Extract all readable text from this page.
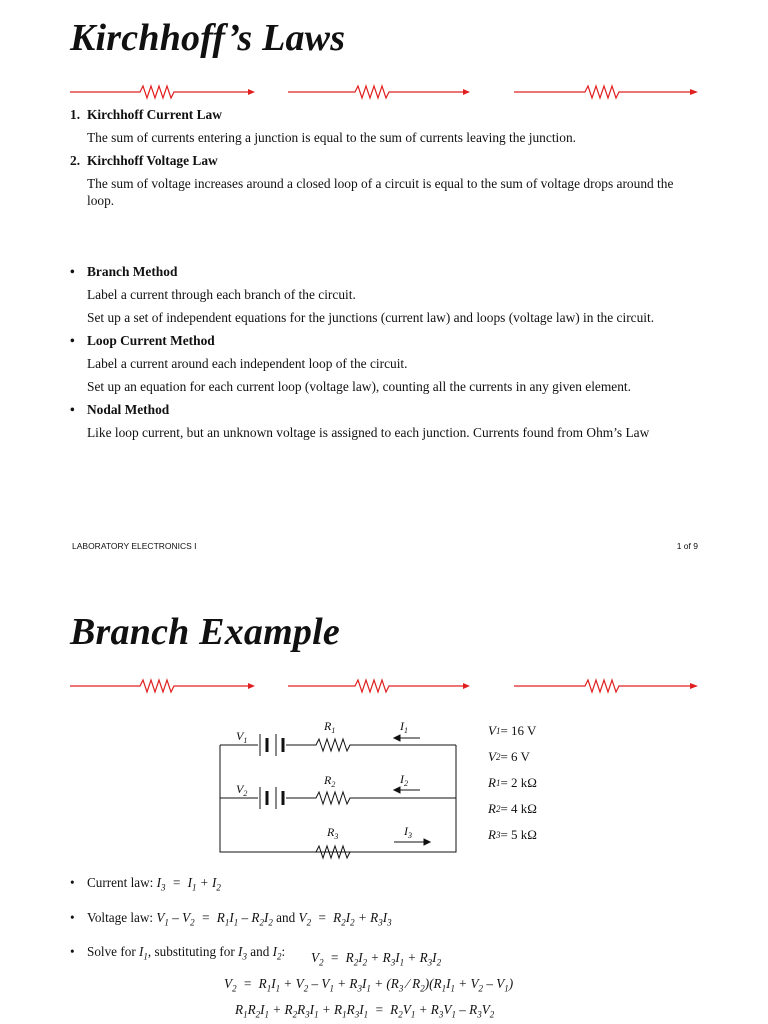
Kirchhoff’s Laws

1. Kirchhoff Current Law

The sum of currents entering a junction is equal to the sum of currents leaving the junction.

2. Kirchhoff Voltage Law

The sum of voltage increases around a closed loop of a circuit is equal to the sum of voltage drops around the loop.

• Branch Method

Label a current through each branch of the circuit.

Set up a set of independent equations for the junctions (current law) and loops (voltage law) in the circuit.

• Loop Current Method

Label a current around each independent loop of the circuit.

Set up an equation for each current loop (voltage law), counting all the currents in any given element.

• Nodal Method

Like loop current, but an unknown voltage is assigned to each junction. Currents found from Ohm’s Law

LABORATORY ELECTRONICS I	1 of 9
Branch Example
$V_1$
$V_2$
$R_1$
$R_2$
$R_3$
$I_1$
$I_2$
$I_3$
V 1 = 16 V
V 2 = 6 V
R 1 = 2 kΩ
R 2 = 4 kΩ
R 3 = 5 kΩ
• Current law: $I_3 = I_1 + I_2$
• Voltage law: $V_1 - V_2 = R_1I_1 - R_2I_2$ and $V_2 = R_2I_2 + R_3I_3$
• Solve for $I_1$, substituting for $I_3$ and $I_2$:	$V_2 = R_2I_2 + R_3I_1 + R_3I_2$
$V_2 = R_1I_1 + V_2 - V_1 + R_3I_1 + (R_3$ ⁄ $R_2)(R_1I_1 + V_2 - V_1)$
$R_1R_2I_1 + R_2R_3I_1 + R_1R_3I_1 = R_2V_1 + R_3V_1 - R_3V_2$
